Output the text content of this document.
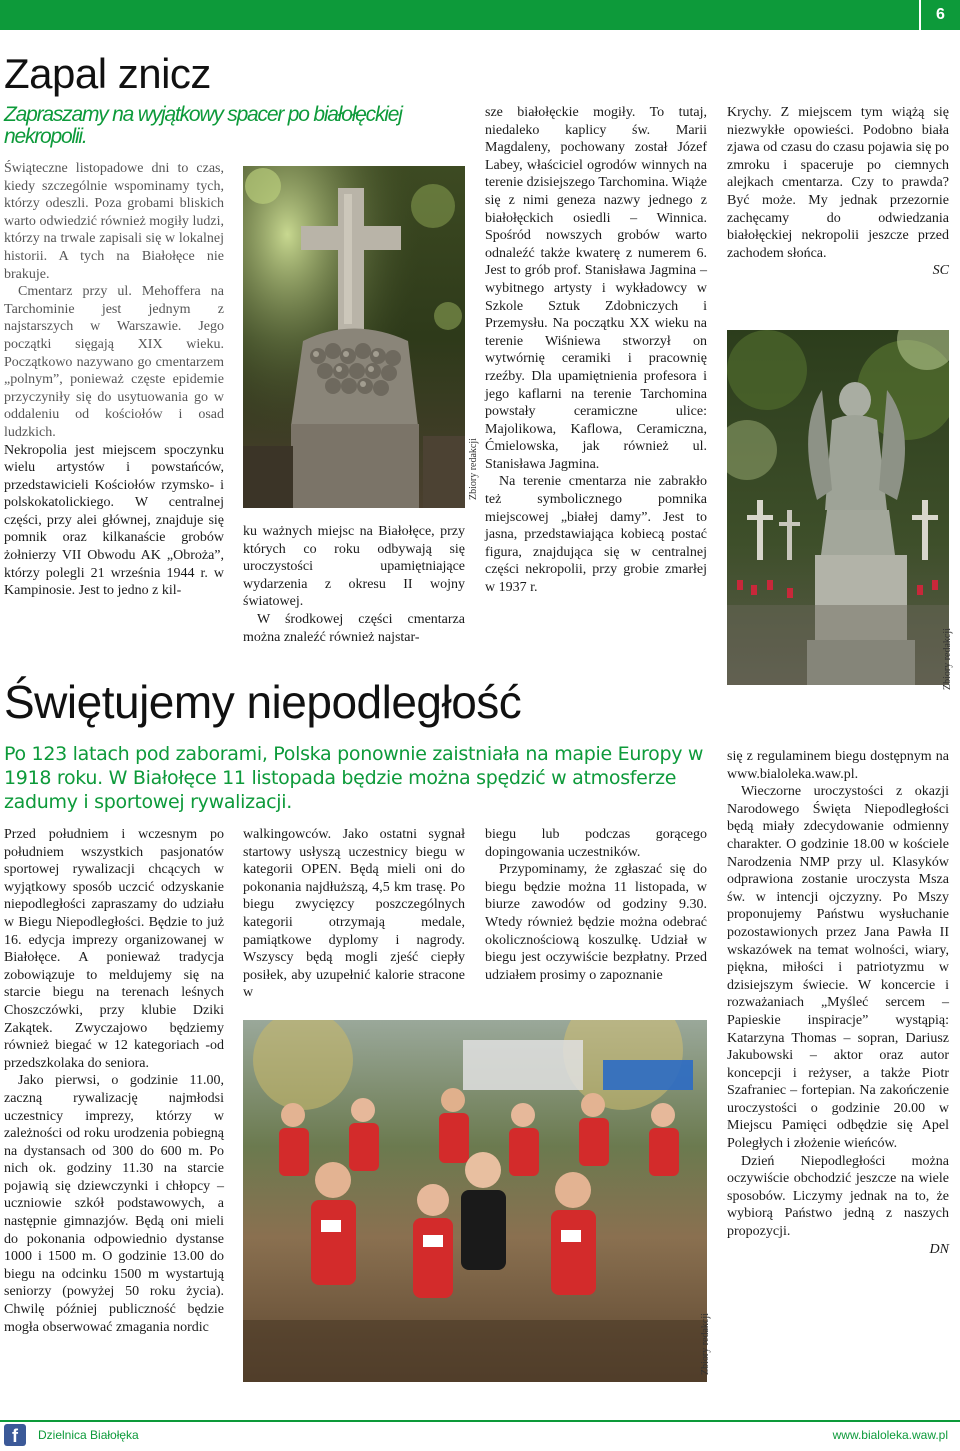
6
Zapal znicz
Zapraszamy na wyjątkowy spacer po białołęckiej nekropolii.

Świąteczne listopadowe dni to czas, kiedy szczególnie wspominamy tych, którzy odeszli. Poza grobami bliskich warto odwiedzić również mogiły ludzi, którzy na trwale zapisali się w lokalnej historii. A tych na Białołęce nie brakuje.

Cmentarz przy ul. Mehoffera na Tarchominie jest jednym z najstarszych w Warszawie. Jego początki sięgają XIX wieku. Początkowo nazywano go cmentarzem „polnym”, ponieważ częste epidemie przyczyniły się do usytuowania go w oddaleniu od kościołów i osad ludzkich.

Nekropolia jest miejscem spoczynku wielu artystów i powstańców, przedstawicieli Kościołów rzymsko- i polskokatolickiego. W centralnej części, przy alei głównej, znajduje się pomnik oraz kilkanaście grobów żołnierzy VII Obwodu AK „Obroża”, którzy polegli 21 września 1944 r. w Kampinosie. Jest to jedno z kil-

Zbiory redakcji

ku ważnych miejsc na Białołęce, przy których co roku odbywają się uroczystości upamiętniające wydarzenia z okresu II wojny światowej.

W środkowej części cmentarza można znaleźć również najstar-

sze białołęckie mogiły. To tutaj, niedaleko kaplicy św. Marii Magdaleny, pochowany został Józef Labey, właściciel ogrodów winnych na terenie dzisiejszego Tarchomina. Wiąże się z nimi geneza nazwy jednego z białołęckich osiedli – Winnica. Spośród nowszych grobów warto odnaleźć także kwaterę z numerem 6. Jest to grób prof. Stanisława Jagmina – wybitnego artysty i wykładowcy w Szkole Sztuk Zdobniczych i Przemysłu. Na początku XX wieku na terenie Wiśniewa stworzył on wytwórnię ceramiki i pracownię rzeźby. Dla upamiętnienia profesora i jego kaflarni na terenie Tarchomina powstały ceramiczne ulice: Majolikowa, Kaflowa, Ceramiczna, Ćmielowska, jak również ul. Stanisława Jagmina.

Na terenie cmentarza nie zabrakło też symbolicznego pomnika miejscowej „białej damy”. Jest to jasna, przedstawiająca kobiecą postać figura, znajdująca się w centralnej części nekropolii, przy grobie zmarłej w 1937 r.

Krychy. Z miejscem tym wiążą się niezwykłe opowieści. Podobno biała zjawa od czasu do czasu pojawia się po zmroku i spaceruje po ciemnych alejkach cmentarza. Czy to prawda? Być może. My jednak przezornie zachęcamy do odwiedzania białołęckiej nekropolii jeszcze przed zachodem słońca.

SC

Zbiory redakcji
Świętujemy niepodległość
Po 123 latach pod zaborami, Polska ponownie zaistniała na mapie Europy w 1918 roku. W Białołęce 11 listopada będzie można spędzić w atmosferze zadumy i sportowej rywalizacji.

Przed południem i wczesnym po południem wszystkich pasjonatów sportowej rywalizacji chcących w wyjątkowy sposób uczcić odzyskanie niepodległości zapraszamy do udziału w Biegu Niepodległości. Będzie to już 16. edycja imprezy organizowanej w Białołęce. A ponieważ tradycja zobowiązuje to meldujemy się na starcie biegu na terenach leśnych Choszczówki, przy klubie Dziki Zakątek. Zwyczajowo będziemy również biegać w 12 kategoriach -od przedszkolaka do seniora.

Jako pierwsi, o godzinie 11.00, zaczną rywalizację najmłodsi uczestnicy imprezy, którzy w zależności od roku urodzenia pobiegną na dystansach od 300 do 600 m. Po nich ok. godziny 11.30 na starcie pojawią się dziewczynki i chłopcy – uczniowie szkół podstawowych, a następnie gimnazjów. Będą oni mieli do pokonania odpowiednio dystanse 1000 i 1500 m. O godzinie 13.00 do biegu na odcinku 1500 m wystartują seniorzy (powyżej 50 roku życia). Chwilę później publiczność będzie mogła obserwować zmagania nordic

walkingowców. Jako ostatni sygnał startowy usłyszą uczestnicy biegu w kategorii OPEN. Będą mieli oni do pokonania najdłuższą, 4,5 km trasę. Po biegu zwycięzcy poszczególnych kategorii otrzymają medale, pamiątkowe dyplomy i nagrody. Wszyscy będą mogli zjeść ciepły posiłek, aby uzupełnić kalorie stracone w

biegu lub podczas gorącego dopingowania uczestników.

Przypominamy, że zgłaszać się do biegu będzie można 11 listopada, w biurze zawodów od godziny 9.30. Wtedy również będzie można odebrać okolicznościową koszulkę. Udział w biegu jest oczywiście bezpłatny. Przed udziałem prosimy o zapoznanie

Zbiory redakcji

się z regulaminem biegu dostępnym na www.bialoleka.waw.pl.

Wieczorne uroczystości z okazji Narodowego Święta Niepodległości będą miały zdecydowanie odmienny charakter. O godzinie 18.00 w kościele Narodzenia NMP przy ul. Klasyków odprawiona zostanie uroczysta Msza św. w intencji ojczyzny. Po Mszy proponujemy Państwu wysłuchanie pozostawionych przez Jana Pawła II wskazówek na temat wolności, wiary, piękna, miłości i patriotyzmu w dzisiejszym świecie. W koncercie i rozważaniach „Myśleć sercem – Papieskie inspiracje” wystąpią: Katarzyna Thomas – sopran, Dariusz Jakubowski – aktor oraz autor koncepcji i reżyser, a także Piotr Szafraniec – fortepian. Na zakończenie uroczystości o godzinie 20.00 w Miejscu Pamięci odbędzie się Apel Poległych i złożenie wieńców.

Dzień Niepodległości można oczywiście obchodzić jeszcze na wiele sposobów. Liczymy jednak na to, że wybiorą Państwo jedną z naszych propozycji.

DN

f	Dzielnica Białołęka	www.bialoleka.waw.pl
